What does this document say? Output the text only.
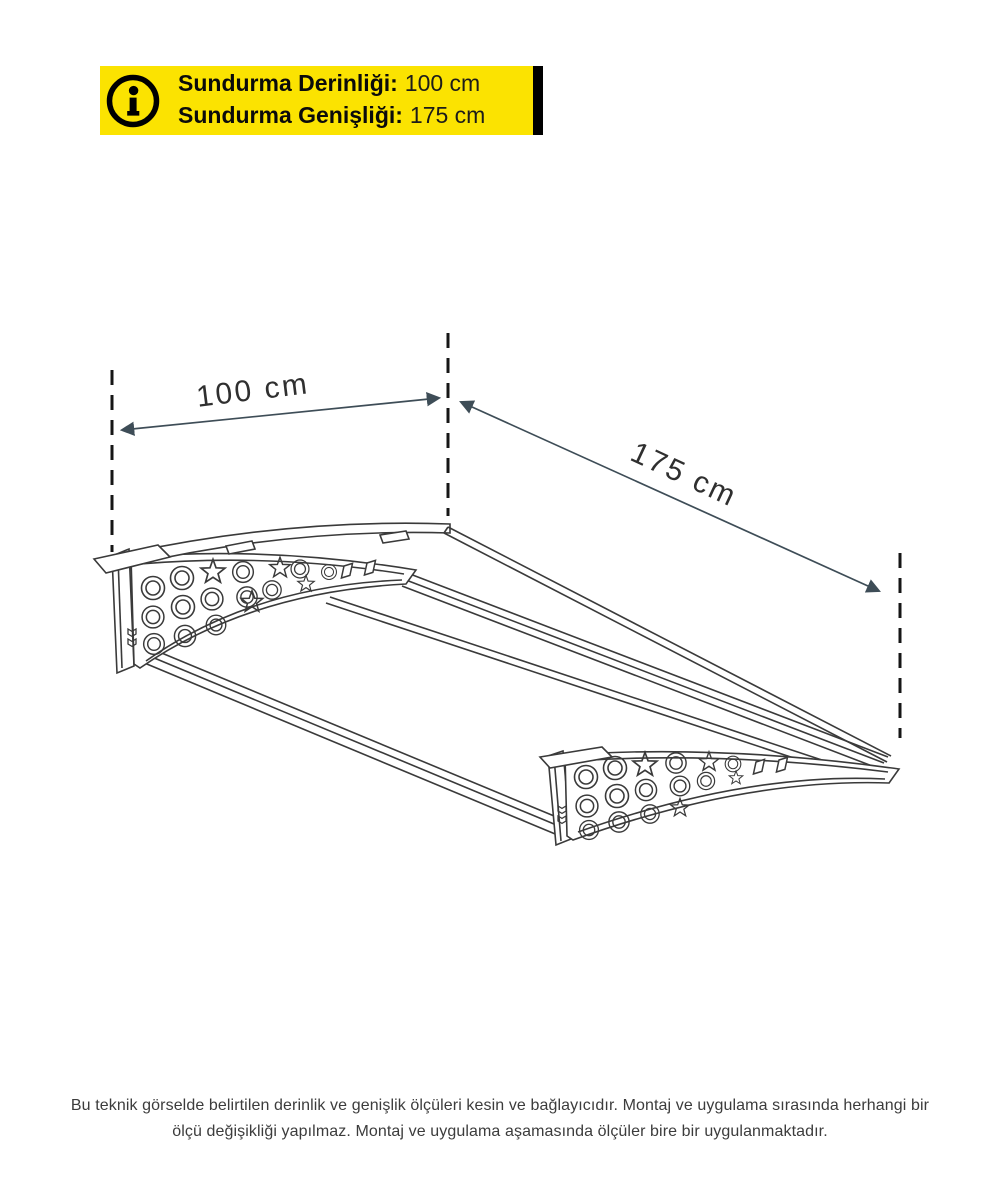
Sundurma Derinliği: 100 cm
Sundurma Genişliği: 175 cm
100 cm
175 cm
Bu teknik görselde belirtilen derinlik ve genişlik ölçüleri kesin ve bağlayıcıdır. Montaj ve uygulama sırasında herhangi bir ölçü değişikliği yapılmaz. Montaj ve uygulama aşamasında ölçüler bire bir uygulanmaktadır.
